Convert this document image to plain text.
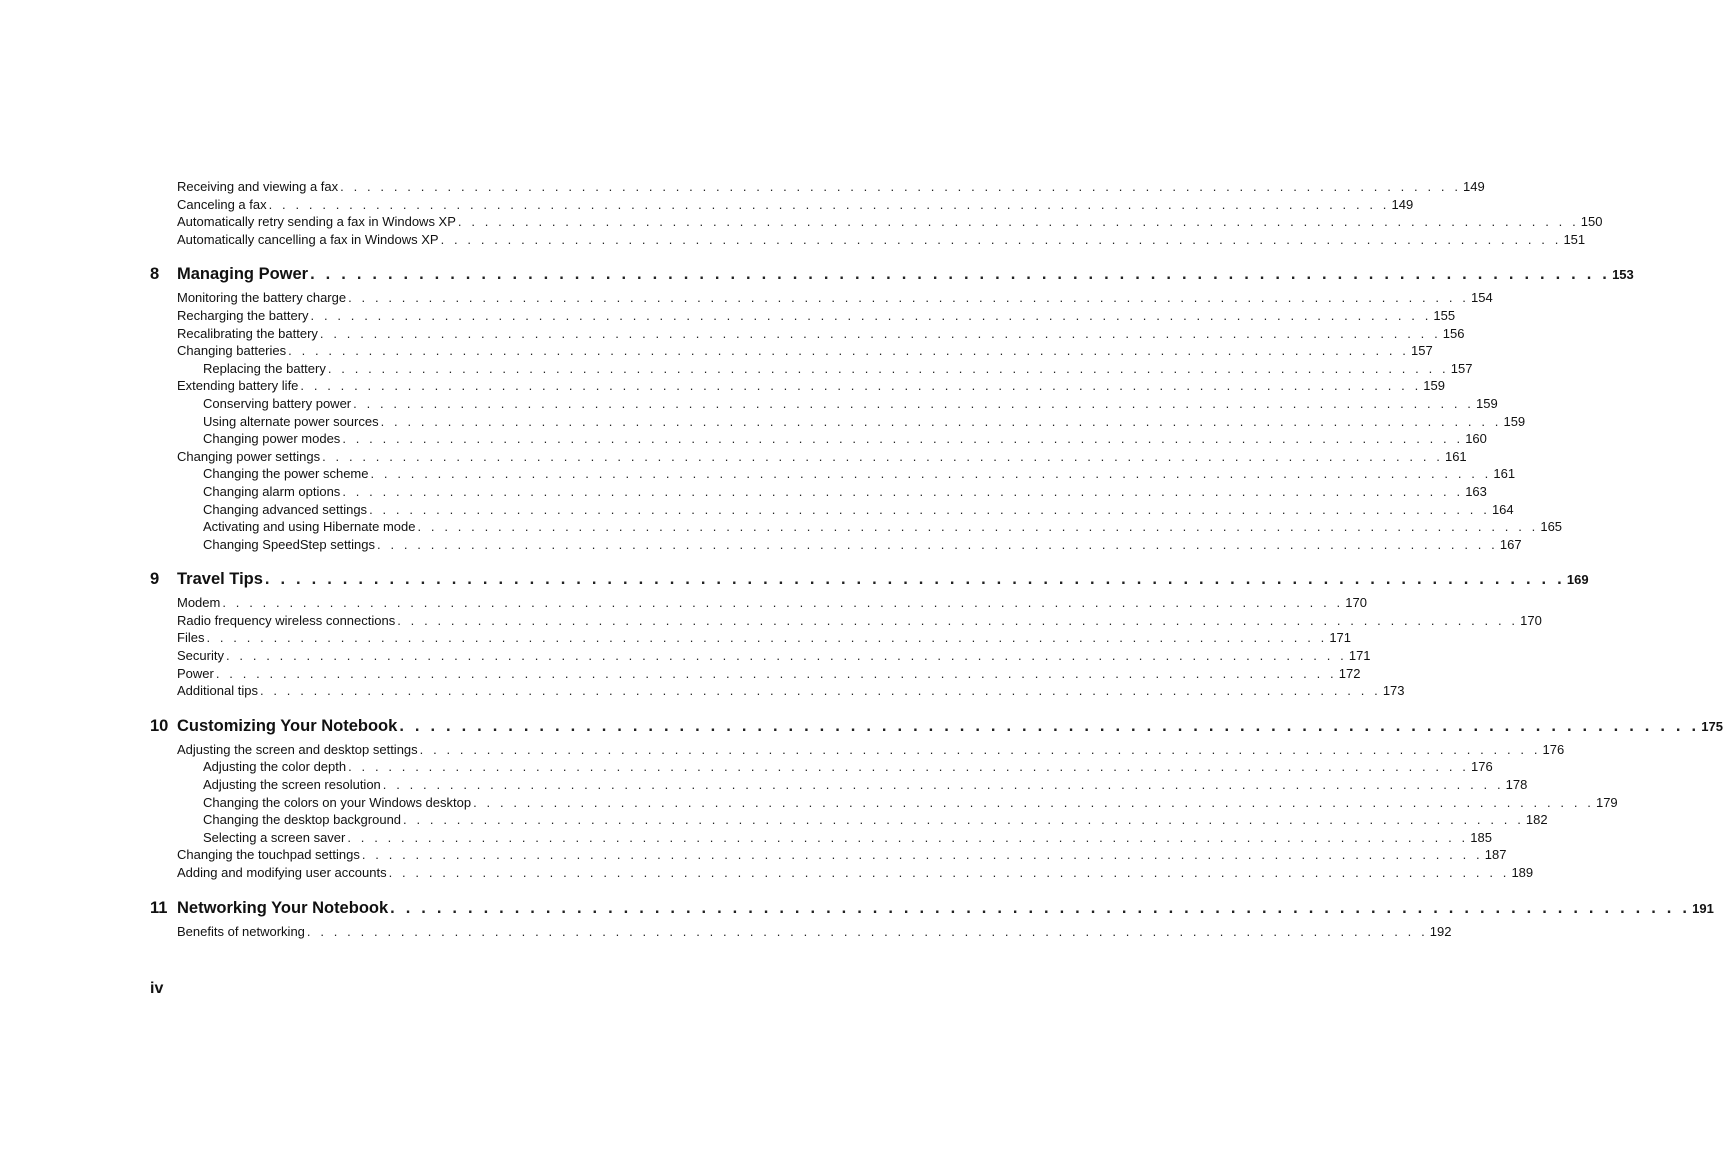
Receiving and viewing a fax . . . . . . . . . . . . . . . . . . . . . . . . . . . . . . . . . . . . . . . . . . . . . . . . . . . . . . . . . . . . . . . . . . . . . . . . . . . . . . . . . . . . 149
Canceling a fax . . . . . . . . . . . . . . . . . . . . . . . . . . . . . . . . . . . . . . . . . . . . . . . . . . . . . . . . . . . . . . . . . . . . . . . . . . . . . . . . . . . . 149
Automatically retry sending a fax in Windows XP . . . . . . . . . . . . . . . . . . . . . . . . . . . . . . . . . . . . . . . . . . . . . . . . . . . . . . . . . . . . . . . . . . . . . . . . . . . . . . . . . . . . 150
Automatically cancelling a fax in Windows XP . . . . . . . . . . . . . . . . . . . . . . . . . . . . . . . . . . . . . . . . . . . . . . . . . . . . . . . . . . . . . . . . . . . . . . . . . . . . . . . . . . . . 151
8	Managing Power . . . . . . . . . . . . . . . . . . . . . . . . . . . . . . . . . . . . . . . . . . . . . . . . . . . . . . . . . . . . . . . . . . . . . . . . . . . . . . . . . . . . 153
Monitoring the battery charge . . . . . . . . . . . . . . . . . . . . . . . . . . . . . . . . . . . . . . . . . . . . . . . . . . . . . . . . . . . . . . . . . . . . . . . . . . . . . . . . . . . . 154
Recharging the battery . . . . . . . . . . . . . . . . . . . . . . . . . . . . . . . . . . . . . . . . . . . . . . . . . . . . . . . . . . . . . . . . . . . . . . . . . . . . . . . . . . . . 155
Recalibrating the battery . . . . . . . . . . . . . . . . . . . . . . . . . . . . . . . . . . . . . . . . . . . . . . . . . . . . . . . . . . . . . . . . . . . . . . . . . . . . . . . . . . . . 156
Changing batteries . . . . . . . . . . . . . . . . . . . . . . . . . . . . . . . . . . . . . . . . . . . . . . . . . . . . . . . . . . . . . . . . . . . . . . . . . . . . . . . . . . . . 157
Replacing the battery . . . . . . . . . . . . . . . . . . . . . . . . . . . . . . . . . . . . . . . . . . . . . . . . . . . . . . . . . . . . . . . . . . . . . . . . . . . . . . . . . . . . 157
Extending battery life . . . . . . . . . . . . . . . . . . . . . . . . . . . . . . . . . . . . . . . . . . . . . . . . . . . . . . . . . . . . . . . . . . . . . . . . . . . . . . . . . . . . 159
Conserving battery power . . . . . . . . . . . . . . . . . . . . . . . . . . . . . . . . . . . . . . . . . . . . . . . . . . . . . . . . . . . . . . . . . . . . . . . . . . . . . . . . . . . . 159
Using alternate power sources . . . . . . . . . . . . . . . . . . . . . . . . . . . . . . . . . . . . . . . . . . . . . . . . . . . . . . . . . . . . . . . . . . . . . . . . . . . . . . . . . . . . 159
Changing power modes . . . . . . . . . . . . . . . . . . . . . . . . . . . . . . . . . . . . . . . . . . . . . . . . . . . . . . . . . . . . . . . . . . . . . . . . . . . . . . . . . . . . 160
Changing power settings . . . . . . . . . . . . . . . . . . . . . . . . . . . . . . . . . . . . . . . . . . . . . . . . . . . . . . . . . . . . . . . . . . . . . . . . . . . . . . . . . . . . 161
Changing the power scheme . . . . . . . . . . . . . . . . . . . . . . . . . . . . . . . . . . . . . . . . . . . . . . . . . . . . . . . . . . . . . . . . . . . . . . . . . . . . . . . . . . . . 161
Changing alarm options . . . . . . . . . . . . . . . . . . . . . . . . . . . . . . . . . . . . . . . . . . . . . . . . . . . . . . . . . . . . . . . . . . . . . . . . . . . . . . . . . . . . 163
Changing advanced settings . . . . . . . . . . . . . . . . . . . . . . . . . . . . . . . . . . . . . . . . . . . . . . . . . . . . . . . . . . . . . . . . . . . . . . . . . . . . . . . . . . . . 164
Activating and using Hibernate mode . . . . . . . . . . . . . . . . . . . . . . . . . . . . . . . . . . . . . . . . . . . . . . . . . . . . . . . . . . . . . . . . . . . . . . . . . . . . . . . . . . . . 165
Changing SpeedStep settings . . . . . . . . . . . . . . . . . . . . . . . . . . . . . . . . . . . . . . . . . . . . . . . . . . . . . . . . . . . . . . . . . . . . . . . . . . . . . . . . . . . . 167
9	Travel Tips . . . . . . . . . . . . . . . . . . . . . . . . . . . . . . . . . . . . . . . . . . . . . . . . . . . . . . . . . . . . . . . . . . . . . . . . . . . . . . . . . . . . 169
Modem . . . . . . . . . . . . . . . . . . . . . . . . . . . . . . . . . . . . . . . . . . . . . . . . . . . . . . . . . . . . . . . . . . . . . . . . . . . . . . . . . . . . 170
Radio frequency wireless connections . . . . . . . . . . . . . . . . . . . . . . . . . . . . . . . . . . . . . . . . . . . . . . . . . . . . . . . . . . . . . . . . . . . . . . . . . . . . . . . . . . . . 170
Files . . . . . . . . . . . . . . . . . . . . . . . . . . . . . . . . . . . . . . . . . . . . . . . . . . . . . . . . . . . . . . . . . . . . . . . . . . . . . . . . . . . . 171
Security . . . . . . . . . . . . . . . . . . . . . . . . . . . . . . . . . . . . . . . . . . . . . . . . . . . . . . . . . . . . . . . . . . . . . . . . . . . . . . . . . . . . 171
Power . . . . . . . . . . . . . . . . . . . . . . . . . . . . . . . . . . . . . . . . . . . . . . . . . . . . . . . . . . . . . . . . . . . . . . . . . . . . . . . . . . . . 172
Additional tips . . . . . . . . . . . . . . . . . . . . . . . . . . . . . . . . . . . . . . . . . . . . . . . . . . . . . . . . . . . . . . . . . . . . . . . . . . . . . . . . . . . . 173
10 Customizing Your Notebook . . . . . . . . . . . . . . . . . . . . . . . . . . . . . . . . . . . . . . . . . . . . . . . . . . . . . . . . . . . . . . . . . . . . . . . . . . . . . . . . . . . . 175
Adjusting the screen and desktop settings . . . . . . . . . . . . . . . . . . . . . . . . . . . . . . . . . . . . . . . . . . . . . . . . . . . . . . . . . . . . . . . . . . . . . . . . . . . . . . . . . . . . 176
Adjusting the color depth . . . . . . . . . . . . . . . . . . . . . . . . . . . . . . . . . . . . . . . . . . . . . . . . . . . . . . . . . . . . . . . . . . . . . . . . . . . . . . . . . . . . 176
Adjusting the screen resolution . . . . . . . . . . . . . . . . . . . . . . . . . . . . . . . . . . . . . . . . . . . . . . . . . . . . . . . . . . . . . . . . . . . . . . . . . . . . . . . . . . . . 178
Changing the colors on your Windows desktop . . . . . . . . . . . . . . . . . . . . . . . . . . . . . . . . . . . . . . . . . . . . . . . . . . . . . . . . . . . . . . . . . . . . . . . . . . . . . . . . . . . . 179
Changing the desktop background . . . . . . . . . . . . . . . . . . . . . . . . . . . . . . . . . . . . . . . . . . . . . . . . . . . . . . . . . . . . . . . . . . . . . . . . . . . . . . . . . . . . 182
Selecting a screen saver . . . . . . . . . . . . . . . . . . . . . . . . . . . . . . . . . . . . . . . . . . . . . . . . . . . . . . . . . . . . . . . . . . . . . . . . . . . . . . . . . . . . 185
Changing the touchpad settings . . . . . . . . . . . . . . . . . . . . . . . . . . . . . . . . . . . . . . . . . . . . . . . . . . . . . . . . . . . . . . . . . . . . . . . . . . . . . . . . . . . . 187
Adding and modifying user accounts . . . . . . . . . . . . . . . . . . . . . . . . . . . . . . . . . . . . . . . . . . . . . . . . . . . . . . . . . . . . . . . . . . . . . . . . . . . . . . . . . . . . 189
11 Networking Your Notebook . . . . . . . . . . . . . . . . . . . . . . . . . . . . . . . . . . . . . . . . . . . . . . . . . . . . . . . . . . . . . . . . . . . . . . . . . . . . . . . . . . . . 191
Benefits of networking . . . . . . . . . . . . . . . . . . . . . . . . . . . . . . . . . . . . . . . . . . . . . . . . . . . . . . . . . . . . . . . . . . . . . . . . . . . . . . . . . . . . 192
iv
